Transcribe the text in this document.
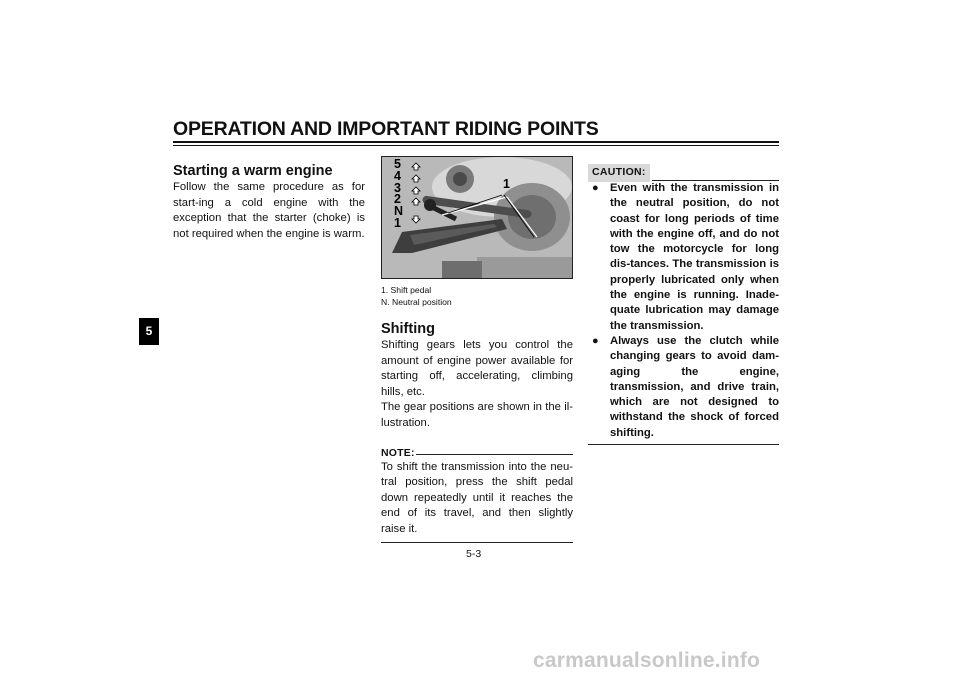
OPERATION AND IMPORTANT RIDING POINTS
5
Starting a warm engine

Follow the same procedure as for start-ing a cold engine with the exception that the starter (choke) is not required when the engine is warm.

5
4
3
2
N
1
1
1. Shift pedal
N. Neutral position
Shifting

Shifting gears lets you control the amount of engine power available for starting off, accelerating, climbing hills, etc.

The gear positions are shown in the il-lustration.

NOTE:

To shift the transmission into the neu-tral position, press the shift pedal down repeatedly until it reaches the end of its travel, and then slightly raise it.

CAUTION:
● Even with the transmission in the neutral position, do not coast for long periods of time with the engine off, and do not tow the motorcycle for long dis-tances. The transmission is properly lubricated only when the engine is running. Inade-quate lubrication may damage the transmission.
● Always use the clutch while changing gears to avoid dam-aging the engine, transmission, and drive train, which are not designed to withstand the shock of forced shifting.
5-3
carmanualsonline.info
